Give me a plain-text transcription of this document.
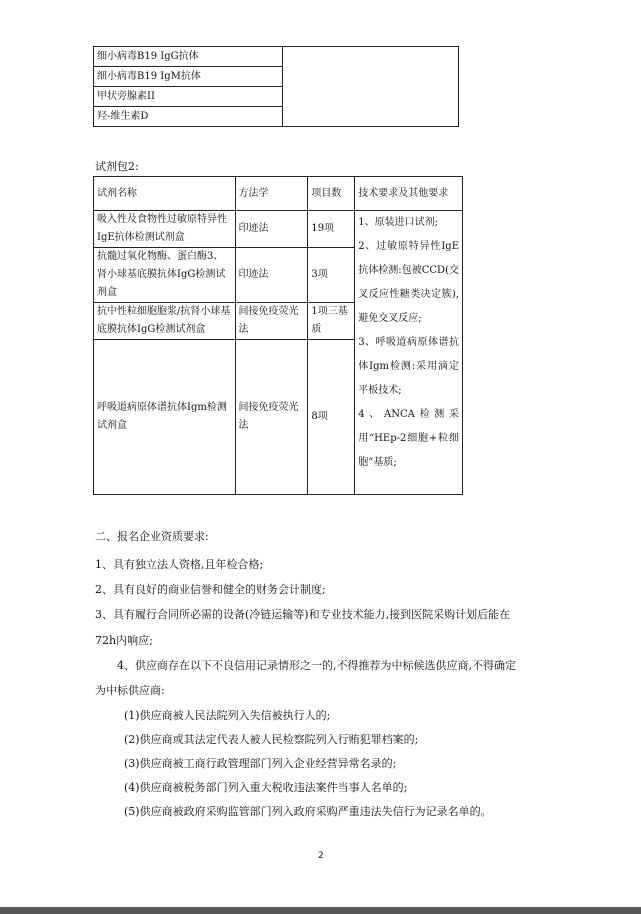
细小病毒B19 IgG抗体	
细小病毒B19 IgM抗体
甲状旁腺素II
羟-维生素D
试剂包2:
试剂名称	方法学	项目数	技术要求及其他要求
吸入性及食物性过敏原特异性IgE抗体检测试剂盒	印迹法	19项	1、原装进口试剂;
2、过敏原特异性IgE抗体检测:包被CCD(交叉反应性糖类决定簇),避免交叉反应;
3、呼吸道病原体谱抗体Igm检测:采用滴定平板技术;
4、ANCA检测采用“HEp-2细胞+粒细胞”基质;

抗髓过氧化物酶、蛋白酶3、肾小球基底膜抗体IgG检测试剂盒	印迹法	3项	
抗中性粒细胞胞浆/抗肾小球基底膜抗体IgG检测试剂盒	间接免疫荧光法	1项三基质	
呼吸道病原体谱抗体Igm检测试剂盒	间接免疫荧光法	8项	
二、报名企业资质要求:
1、具有独立法人资格,且年检合格;
2、具有良好的商业信誉和健全的财务会计制度;
3、具有履行合同所必需的设备(冷链运输等)和专业技术能力,接到医院采购计划后能在
72h内响应;
4、供应商存在以下不良信用记录情形之一的,不得推荐为中标候选供应商,不得确定
为中标供应商:
(1)供应商被人民法院列入失信被执行人的;
(2)供应商或其法定代表人被人民检察院列入行贿犯罪档案的;
(3)供应商被工商行政管理部门列入企业经营异常名录的;
(4)供应商被税务部门列入重大税收违法案件当事人名单的;
(5)供应商被政府采购监管部门列入政府采购严重违法失信行为记录名单的。
2
